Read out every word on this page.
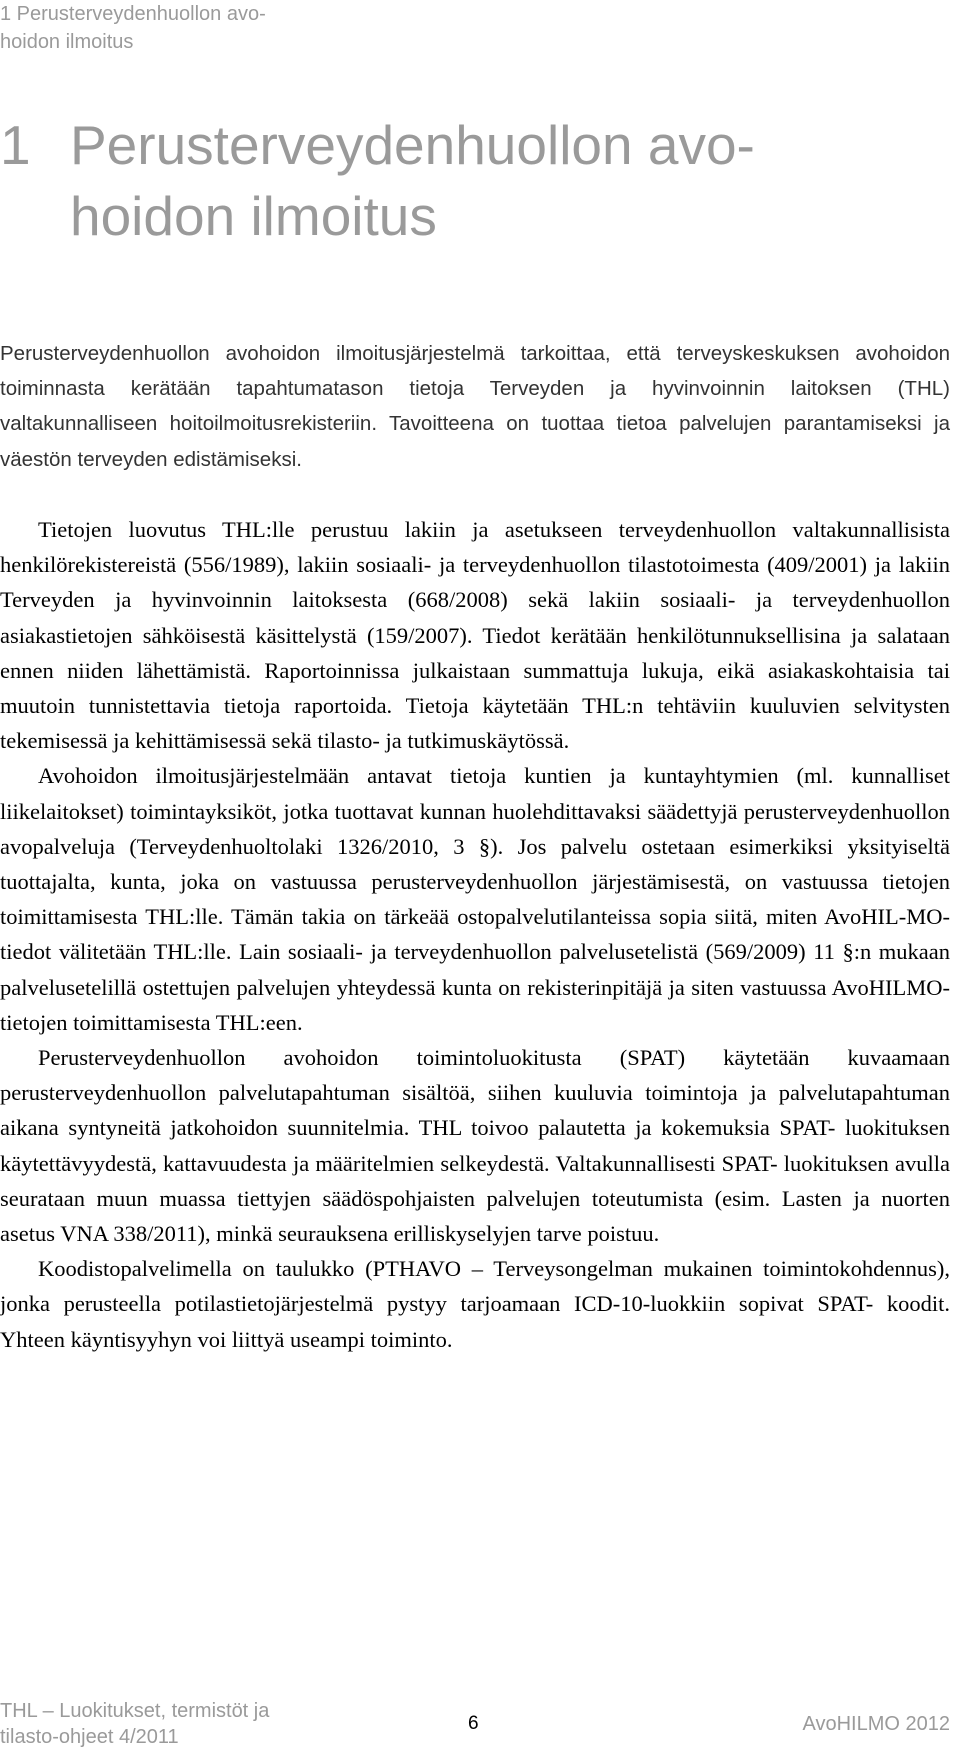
1 Perusterveydenhuollon avo-
hoidon ilmoitus
1 Perusterveydenhuollon avo-
hoidon ilmoitus

Perusterveydenhuollon avohoidon ilmoitusjärjestelmä tarkoittaa, että terveyskeskuksen avohoidon toiminnasta kerätään tapahtumatason tietoja Terveyden ja hyvinvoinnin laitoksen (THL) valtakunnalliseen hoitoilmoitusrekisteriin. Tavoitteena on tuottaa tietoa palvelujen parantamiseksi ja väestön terveyden edistämiseksi.

Tietojen luovutus THL:lle perustuu lakiin ja asetukseen terveydenhuollon valtakunnallisista henkilörekistereistä (556/1989), lakiin sosiaali- ja terveydenhuollon tilastotoimesta (409/2001) ja lakiin Terveyden ja hyvinvoinnin laitoksesta (668/2008) sekä lakiin sosiaali- ja terveydenhuollon asiakastietojen sähköisestä käsittelystä (159/2007). Tiedot kerätään henkilötunnuksellisina ja salataan ennen niiden lähettämistä. Raportoinnissa julkaistaan summattuja lukuja, eikä asiakaskohtaisia tai muutoin tunnistettavia tietoja raportoida. Tietoja käytetään THL:n tehtäviin kuuluvien selvitysten tekemisessä ja kehittämisessä sekä tilasto- ja tutkimuskäytössä.

Avohoidon ilmoitusjärjestelmään antavat tietoja kuntien ja kuntayhtymien (ml. kunnalliset liikelaitokset) toimintayksiköt, jotka tuottavat kunnan huolehdittavaksi säädettyjä perusterveydenhuollon avopalveluja (Terveydenhuoltolaki 1326/2010, 3 §). Jos palvelu ostetaan esimerkiksi yksityiseltä tuottajalta, kunta, joka on vastuussa perusterveydenhuollon järjestämisestä, on vastuussa tietojen toimittamisesta THL:lle. Tämän takia on tärkeää ostopalvelutilanteissa sopia siitä, miten AvoHIL-MO-tiedot välitetään THL:lle. Lain sosiaali- ja terveydenhuollon palvelusetelistä (569/2009) 11 §:n mukaan palvelusetelillä ostettujen palvelujen yhteydessä kunta on rekisterinpitäjä ja siten vastuussa AvoHILMO-tietojen toimittamisesta THL:een.

Perusterveydenhuollon avohoidon toimintoluokitusta (SPAT) käytetään kuvaamaan perusterveydenhuollon palvelutapahtuman sisältöä, siihen kuuluvia toimintoja ja palvelutapahtuman aikana syntyneitä jatkohoidon suunnitelmia. THL toivoo palautetta ja kokemuksia SPAT- luokituksen käytettävyydestä, kattavuudesta ja määritelmien selkeydestä. Valtakunnallisesti SPAT- luokituksen avulla seurataan muun muassa tiettyjen säädöspohjaisten palvelujen toteutumista (esim. Lasten ja nuorten asetus VNA 338/2011), minkä seurauksena erilliskyselyjen tarve poistuu.

Koodistopalvelimella on taulukko (PTHAVO – Terveysongelman mukainen toimintokohdennus), jonka perusteella potilastietojärjestelmä pystyy tarjoamaan ICD-10-luokkiin sopivat SPAT- koodit. Yhteen käyntisyyhyn voi liittyä useampi toiminto.

THL – Luokitukset, termistöt ja
tilasto-ohjeet 4/2011
6	AvoHILMO 2012
